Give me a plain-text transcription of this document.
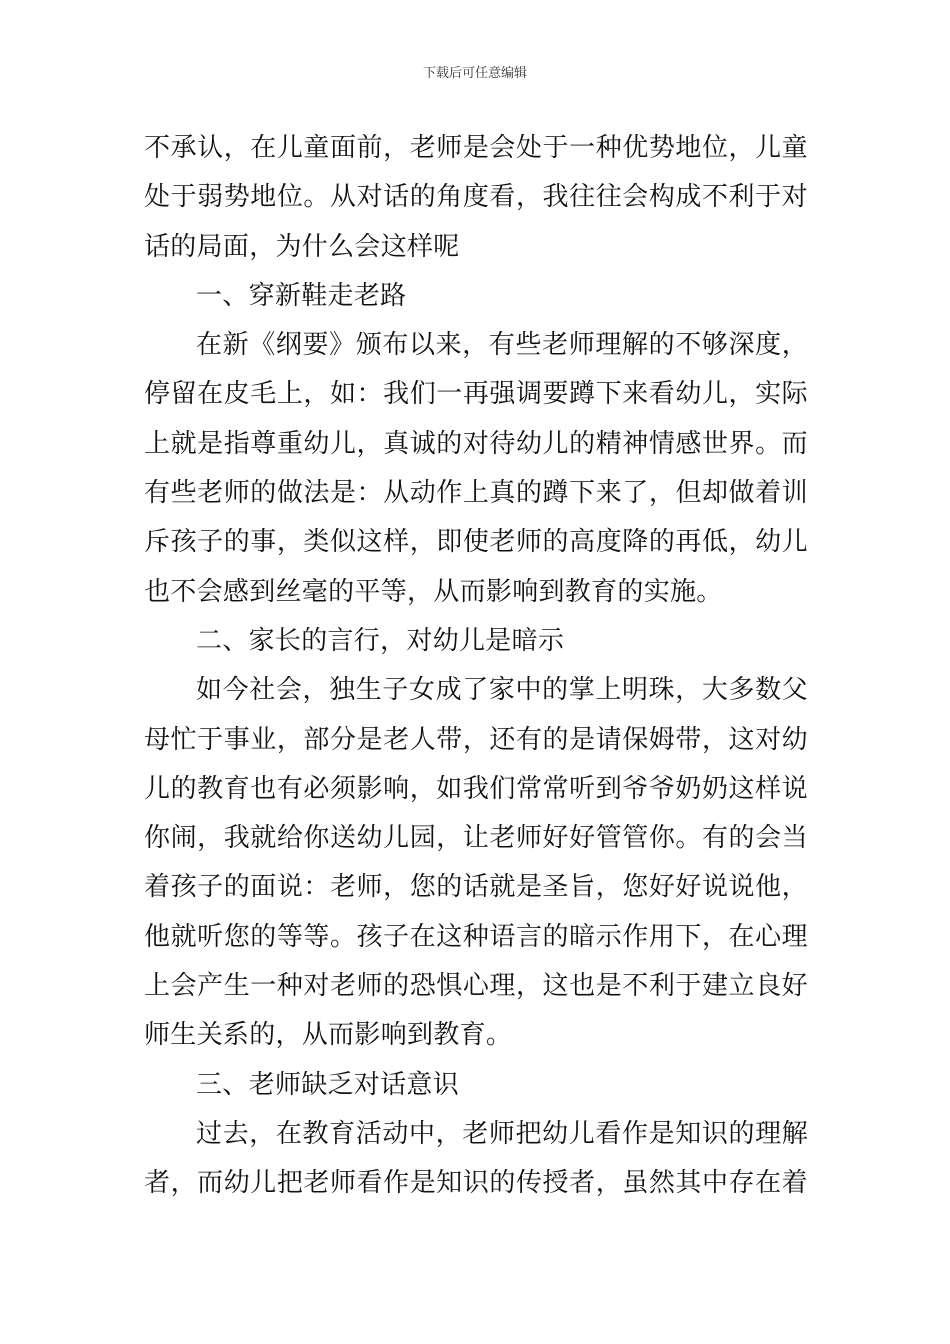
下载后可任意编辑
不承认，在儿童面前，老师是会处于一种优势地位，儿童
处于弱势地位。从对话的角度看，我往往会构成不利于对
话的局面，为什么会这样呢
一、穿新鞋走老路
在新《纲要》颁布以来，有些老师理解的不够深度，
停留在皮毛上，如：我们一再强调要蹲下来看幼儿，实际
上就是指尊重幼儿，真诚的对待幼儿的精神情感世界。而
有些老师的做法是：从动作上真的蹲下来了，但却做着训
斥孩子的事，类似这样，即使老师的高度降的再低，幼儿
也不会感到丝毫的平等，从而影响到教育的实施。
二、家长的言行，对幼儿是暗示
如今社会，独生子女成了家中的掌上明珠，大多数父
母忙于事业，部分是老人带，还有的是请保姆带，这对幼
儿的教育也有必须影响，如我们常常听到爷爷奶奶这样说
你闹，我就给你送幼儿园，让老师好好管管你。有的会当
着孩子的面说：老师，您的话就是圣旨，您好好说说他，
他就听您的等等。孩子在这种语言的暗示作用下，在心理
上会产生一种对老师的恐惧心理，这也是不利于建立良好
师生关系的，从而影响到教育。
三、老师缺乏对话意识
过去，在教育活动中，老师把幼儿看作是知识的理解
者，而幼儿把老师看作是知识的传授者，虽然其中存在着
